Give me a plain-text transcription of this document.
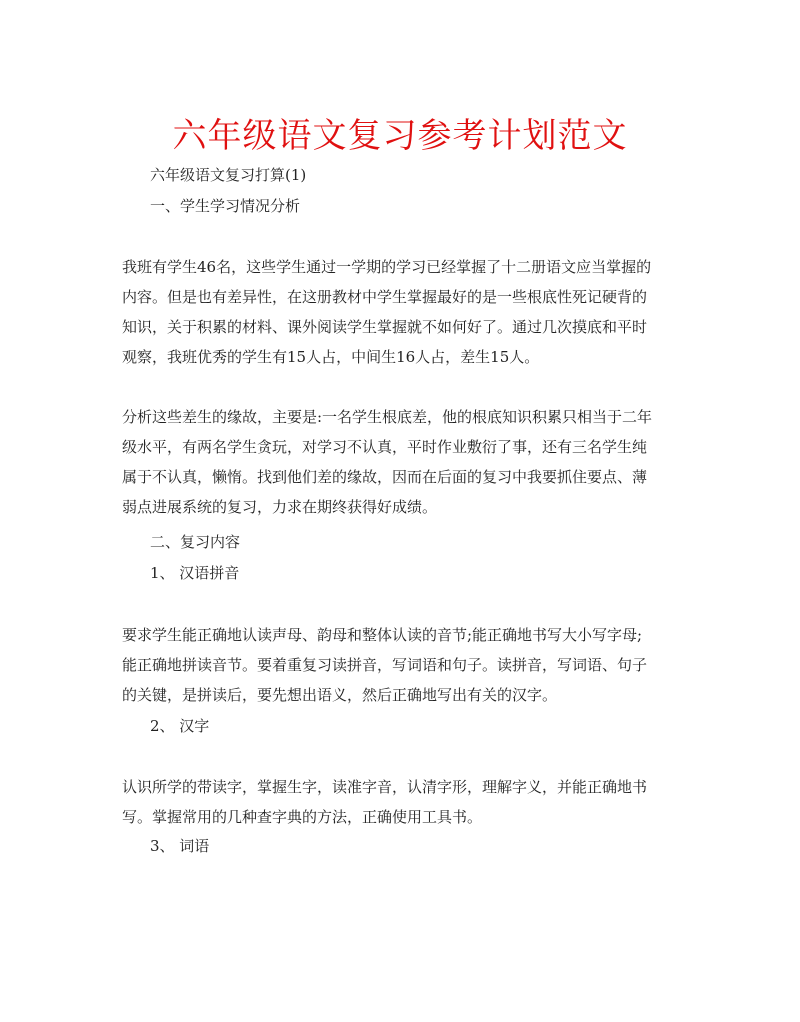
六年级语文复习参考计划范文
六年级语文复习打算(1)
一、学生学习情况分析
我班有学生46名，这些学生通过一学期的学习已经掌握了十二册语文应当掌握的
内容。但是也有差异性，在这册教材中学生掌握最好的是一些根底性死记硬背的
知识，关于积累的材料、课外阅读学生掌握就不如何好了。通过几次摸底和平时
观察，我班优秀的学生有15人占，中间生16人占，差生15人。
分析这些差生的缘故，主要是:一名学生根底差，他的根底知识积累只相当于二年
级水平，有两名学生贪玩，对学习不认真，平时作业敷衍了事，还有三名学生纯
属于不认真，懒惰。找到他们差的缘故，因而在后面的复习中我要抓住要点、薄
弱点进展系统的复习，力求在期终获得好成绩。
二、复习内容
1、 汉语拼音
要求学生能正确地认读声母、韵母和整体认读的音节;能正确地书写大小写字母;
能正确地拼读音节。要着重复习读拼音，写词语和句子。读拼音，写词语、句子
的关键，是拼读后，要先想出语义，然后正确地写出有关的汉字。
2、 汉字
认识所学的带读字，掌握生字，读准字音，认清字形，理解字义，并能正确地书
写。掌握常用的几种查字典的方法，正确使用工具书。
3、 词语
